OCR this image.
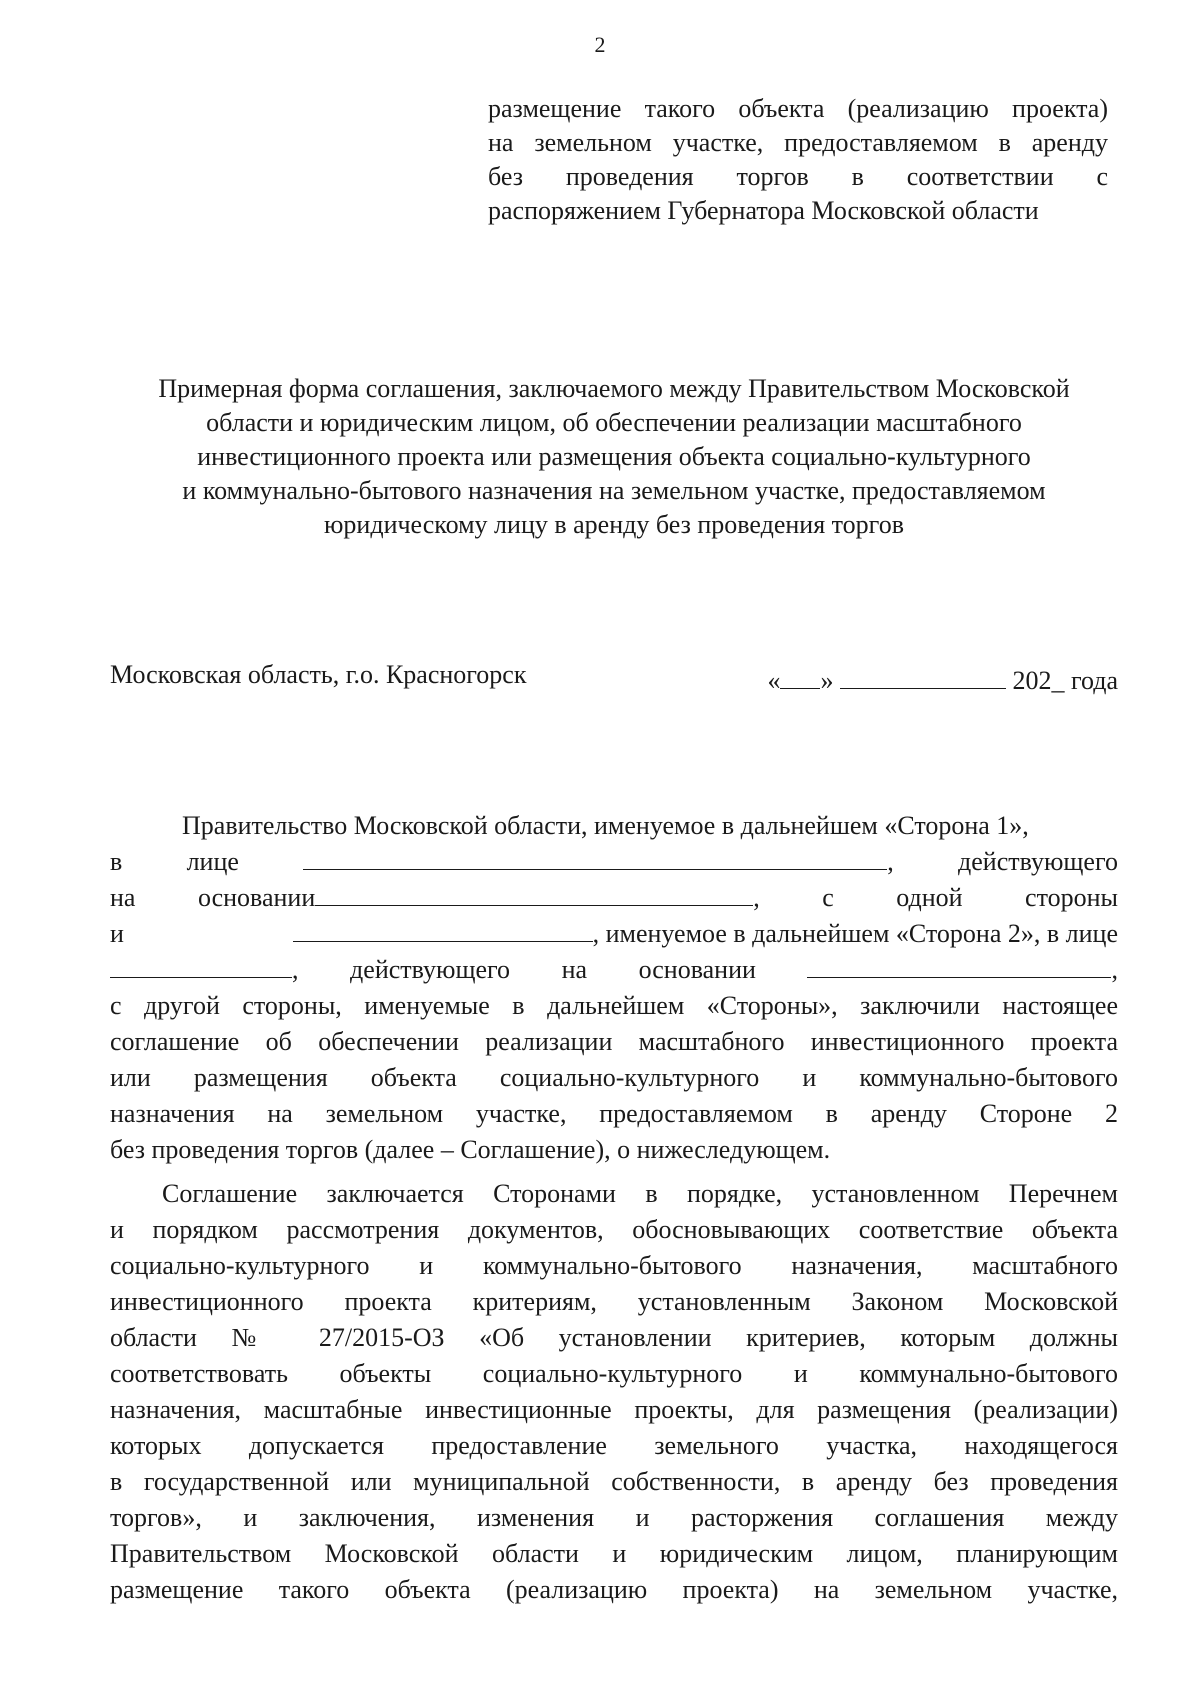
2
размещение такого объекта (реализацию проекта)
на земельном участке, предоставляемом в аренду
без проведения торгов в соответствии с
распоряжением Губернатора Московской области
Примерная форма соглашения, заключаемого между Правительством Московской
области и юридическим лицом, об обеспечении реализации масштабного
инвестиционного проекта или размещения объекта социально-культурного
и коммунально-бытового назначения на земельном участке, предоставляемом
юридическому лицу в аренду без проведения торгов
Московская область, г.о. Красногорск	« »	202_ года
Правительство Московской области, именуемое в дальнейшем «Сторона 1»,
в лице	, действующего
на основании	, с одной стороны
и	, именуемое в дальнейшем «Сторона 2», в лице
, действующего на основании	,
с другой стороны, именуемые в дальнейшем «Стороны», заключили настоящее
соглашение об обеспечении реализации масштабного инвестиционного проекта
или размещения объекта социально-культурного и коммунально-бытового
назначения на земельном участке, предоставляемом в аренду Стороне 2
без проведения торгов (далее – Соглашение), о нижеследующем.
Соглашение заключается Сторонами в порядке, установленном Перечнем
и порядком рассмотрения документов, обосновывающих соответствие объекта
социально-культурного и коммунально-бытового назначения, масштабного
инвестиционного проекта критериям, установленным Законом Московской
области № 27/2015-ОЗ «Об установлении критериев, которым должны
соответствовать объекты социально-культурного и коммунально-бытового
назначения, масштабные инвестиционные проекты, для размещения (реализации)
которых допускается предоставление земельного участка, находящегося
в государственной или муниципальной собственности, в аренду без проведения
торгов», и заключения, изменения и расторжения соглашения между
Правительством Московской области и юридическим лицом, планирующим
размещение такого объекта (реализацию проекта) на земельном участке,
